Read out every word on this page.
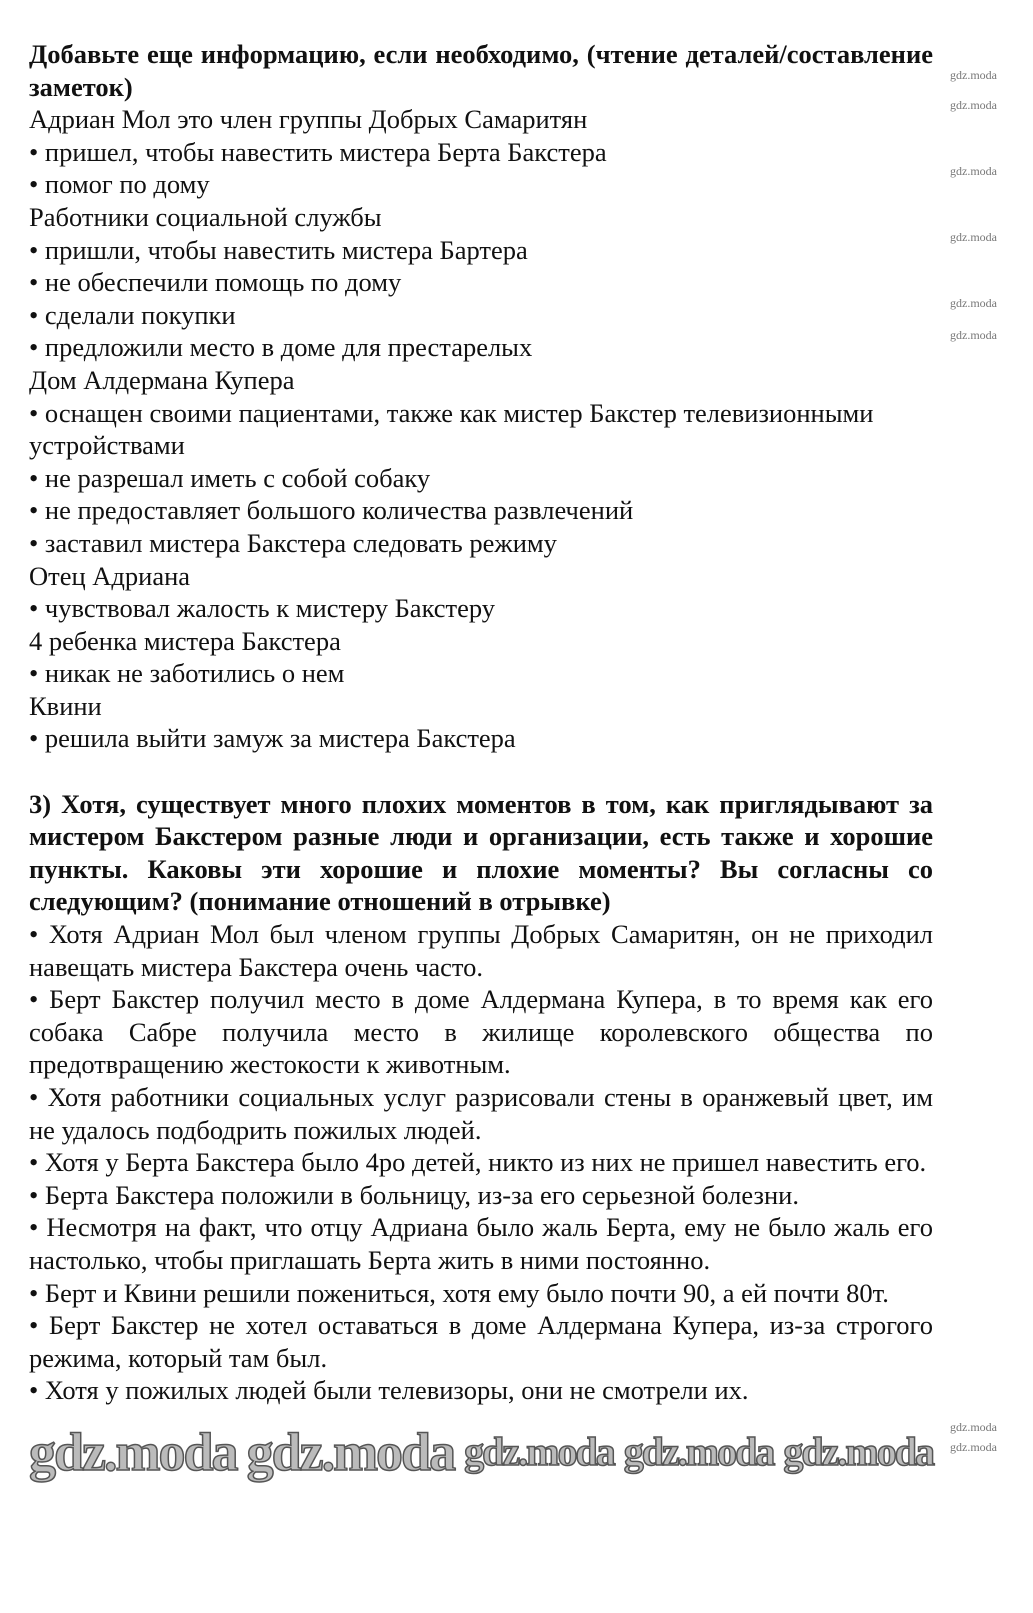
Добавьте еще информацию, если необходимо, (чтение деталей/составление заметок)

Адриан Мол это член группы Добрых Самаритян

• пришел, чтобы навестить мистера Берта Бакстера

• помог по дому

Работники социальной службы

• пришли, чтобы навестить мистера Бартера

• не обеспечили помощь по дому

• сделали покупки

• предложили место в доме для престарелых

Дом Алдермана Купера

• оснащен своими пациентами, также как мистер Бакстер телевизионными устройствами

• не разрешал иметь с собой собаку

• не предоставляет большого количества развлечений

• заставил мистера Бакстера следовать режиму

Отец Адриана

• чувствовал жалость к мистеру Бакстеру

4 ребенка мистера Бакстера

• никак не заботились о нем

Квини

• решила выйти замуж за мистера Бакстера

3) Хотя, существует много плохих моментов в том, как приглядывают за мистером Бакстером разные люди и организации, есть также и хорошие пункты. Каковы эти хорошие и плохие моменты? Вы согласны со следующим? (понимание отношений в отрывке)

• Хотя Адриан Мол был членом группы Добрых Самаритян, он не приходил навещать мистера Бакстера очень часто.

• Берт Бакстер получил место в доме Алдермана Купера, в то время как его собака Сабре получила место в жилище королевского общества по предотвращению жестокости к животным.

• Хотя работники социальных услуг разрисовали стены в оранжевый цвет, им не удалось подбодрить пожилых людей.

• Хотя у Берта Бакстера было 4ро детей, никто из них не пришел навестить его.

• Берта Бакстера положили в больницу, из-за его серьезной болезни.

• Несмотря на факт, что отцу Адриана было жаль Берта, ему не было жаль его настолько, чтобы приглашать Берта жить в ними постоянно.

• Берт и Квини решили пожениться, хотя ему было почти 90, а ей почти 80т.

• Берт Бакстер не хотел оставаться в доме Алдермана Купера, из-за строгого режима, который там был.

• Хотя у пожилых людей были телевизоры, они не смотрели их.

gdz.moda gdz.moda gdz.moda gdz.moda gdz.moda
gdz.moda
gdz.moda
gdz.moda
gdz.moda
gdz.moda
gdz.moda
gdz.moda
gdz.moda
